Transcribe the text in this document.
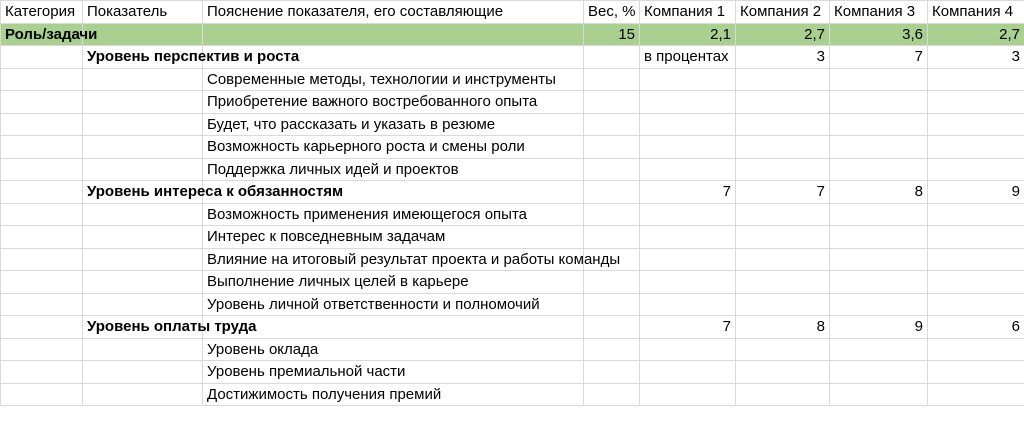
Категория	Показатель	Пояснение показателя, его составляющие	Вес, %	Компания 1	Компания 2	Компания 3	Компания 4
Роль/задачи			15	2,1	2,7	3,6	2,7
	Уровень перспектив и роста			в процентах	3	7	3
		Современные методы, технологии и инструменты					
		Приобретение важного востребованного опыта					
		Будет, что рассказать и указать в резюме					
		Возможность карьерного роста и смены роли					
		Поддержка личных идей и проектов					
	Уровень интереса к обязанностям			7	7	8	9
		Возможность применения имеющегося опыта					
		Интерес к повседневным задачам					
		Влияние на итоговый результат проекта и работы команды					
		Выполнение личных целей в карьере					
		Уровень личной ответственности и полномочий					
	Уровень оплаты труда			7	8	9	6
		Уровень оклада					
		Уровень премиальной части					
		Достижимость получения премий					
